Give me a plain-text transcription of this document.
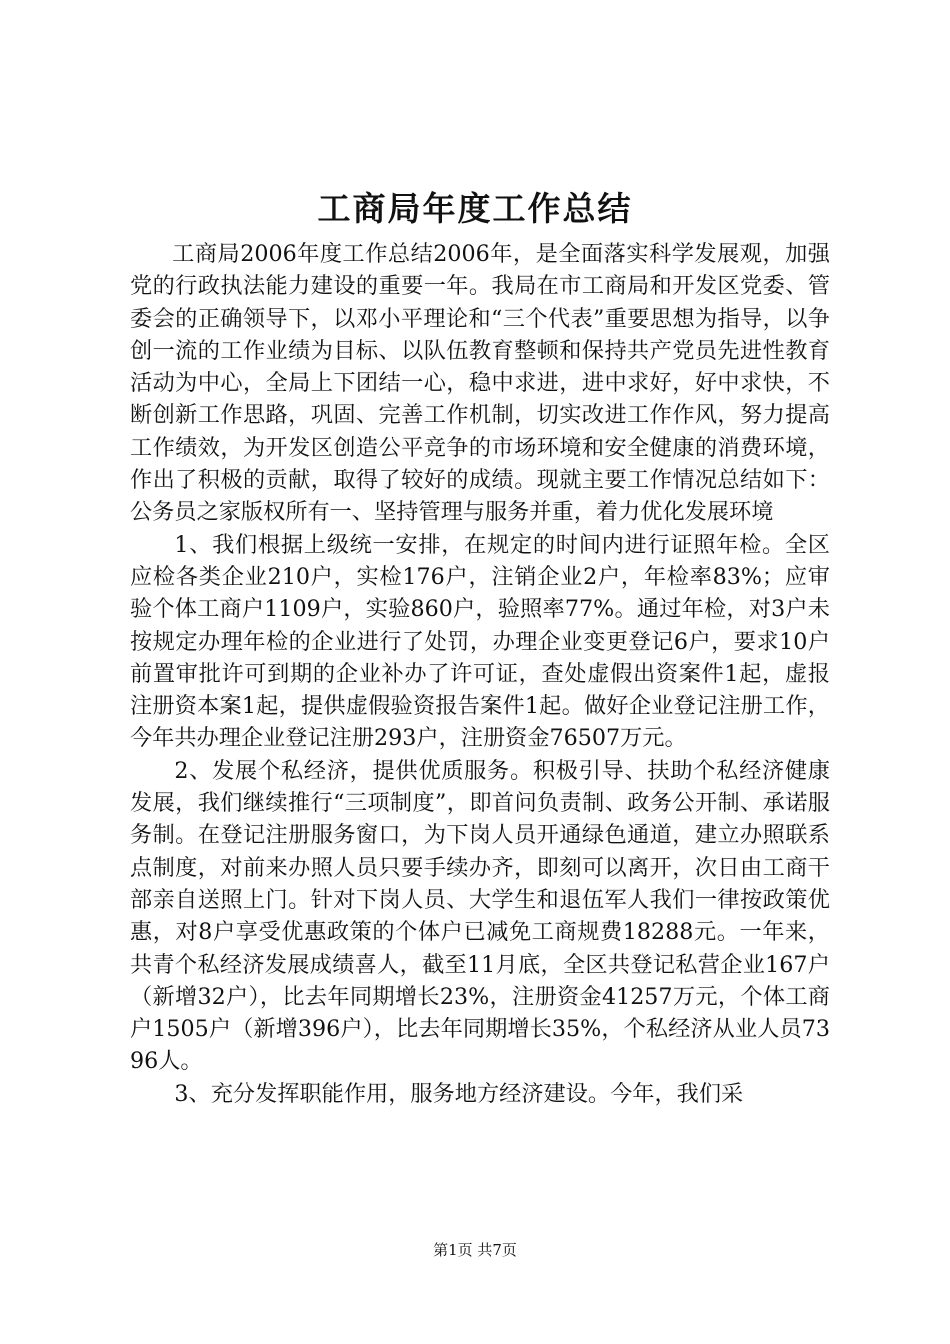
工商局年度工作总结

工商局2006年度工作总结2006年，是全面落实科学发展观，加强党的行政执法能力建设的重要一年。我局在市工商局和开发区党委、管委会的正确领导下，以邓小平理论和“三个代表”重要思想为指导，以争创一流的工作业绩为目标、以队伍教育整顿和保持共产党员先进性教育活动为中心，全局上下团结一心，稳中求进，进中求好，好中求快，不断创新工作思路，巩固、完善工作机制，切实改进工作作风，努力提高工作绩效，为开发区创造公平竞争的市场环境和安全健康的消费环境，作出了积极的贡献，取得了较好的成绩。现就主要工作情况总结如下：公务员之家版权所有一、坚持管理与服务并重，着力优化发展环境

1、我们根据上级统一安排，在规定的时间内进行证照年检。全区应检各类企业210户，实检176户，注销企业2户，年检率83%；应审验个体工商户1109户，实验860户，验照率77%。通过年检，对3户未按规定办理年检的企业进行了处罚，办理企业变更登记6户，要求10户前置审批许可到期的企业补办了许可证，查处虚假出资案件1起，虚报注册资本案1起，提供虚假验资报告案件1起。做好企业登记注册工作，今年共办理企业登记注册293户，注册资金76507万元。

2、发展个私经济，提供优质服务。积极引导、扶助个私经济健康发展，我们继续推行“三项制度”，即首问负责制、政务公开制、承诺服务制。在登记注册服务窗口，为下岗人员开通绿色通道，建立办照联系点制度，对前来办照人员只要手续办齐，即刻可以离开，次日由工商干部亲自送照上门。针对下岗人员、大学生和退伍军人我们一律按政策优惠，对8户享受优惠政策的个体户已减免工商规费18288元。一年来，共青个私经济发展成绩喜人，截至11月底，全区共登记私营企业167户（新增32户），比去年同期增长23%，注册资金41257万元，个体工商户1505户（新增396户），比去年同期增长35%，个私经济从业人员7396人。

3、充分发挥职能作用，服务地方经济建设。今年，我们采

第1页 共7页
